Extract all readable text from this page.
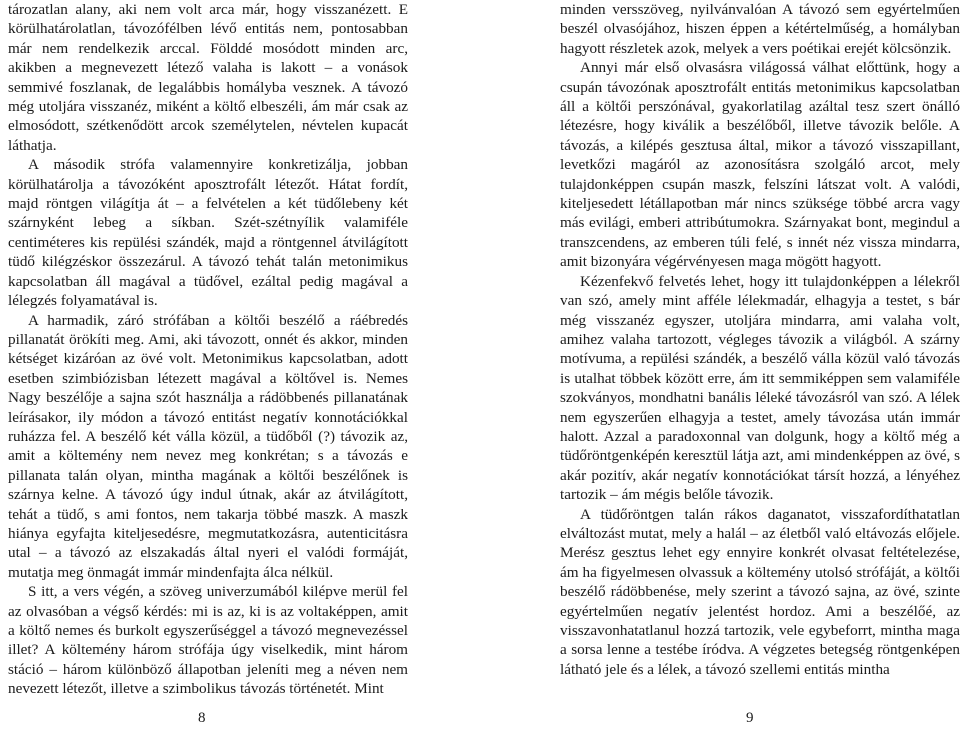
tározatlan alany, aki nem volt arca már, hogy visszanézett. E körülhatárolatlan, távozófélben lévő entitás nem, pontosabban már nem rendelkezik arccal. Földdé mosódott minden arc, akikben a megnevezett létező valaha is lakott – a vonások semmivé foszlanak, de legalábbis homályba vesznek. A távozó még utoljára visszanéz, miként a költő elbeszéli, ám már csak az elmosódott, szétkenődött arcok személytelen, névtelen kupacát láthatja.

A második strófa valamennyire konkretizálja, jobban körülhatárolja a távozóként aposztrofált létezőt. Hátat fordít, majd röntgen világítja át – a felvételen a két tüdőlebeny két szárnyként lebeg a síkban. Szét-szétnyílik valamiféle centiméteres kis repülési szándék, majd a röntgennel átvilágított tüdő kilégzéskor összezárul. A távozó tehát talán metonimikus kapcsolatban áll magával a tüdővel, ezáltal pedig magával a lélegzés folyamatával is.

A harmadik, záró strófában a költői beszélő a ráébredés pillanatát örökíti meg. Ami, aki távozott, onnét és akkor, minden kétséget kizáróan az övé volt. Metonimikus kapcsolatban, adott esetben szimbiózisban létezett magával a költővel is. Nemes Nagy beszélője a sajna szót használja a rádöbbenés pillanatának leírásakor, ily módon a távozó entitást negatív konnotációkkal ruházza fel. A beszélő két válla közül, a tüdőből (?) távozik az, amit a költemény nem nevez meg konkrétan; s a távozás e pillanata talán olyan, mintha magának a költői beszélőnek is szárnya kelne. A távozó úgy indul útnak, akár az átvilágított, tehát a tüdő, s ami fontos, nem takarja többé maszk. A maszk hiánya egyfajta kiteljesedésre, megmutatkozásra, autenticitásra utal – a távozó az elszakadás által nyeri el valódi formáját, mutatja meg önmagát immár mindenfajta álca nélkül.

S itt, a vers végén, a szöveg univerzumából kilépve merül fel az olvasóban a végső kérdés: mi is az, ki is az voltaképpen, amit a költő nemes és burkolt egyszerűséggel a távozó megnevezéssel illet? A költemény három strófája úgy viselkedik, mint három stáció – három különböző állapotban jeleníti meg a néven nem nevezett létezőt, illetve a szimbolikus távozás történetét. Mint

8

minden versszöveg, nyilvánvalóan A távozó sem egyértelműen beszél olvasójához, hiszen éppen a kétértelműség, a homályban hagyott részletek azok, melyek a vers poétikai erejét kölcsönzik.

Annyi már első olvasásra világossá válhat előttünk, hogy a csupán távozónak aposztrofált entitás metonimikus kapcsolatban áll a költői perszónával, gyakorlatilag azáltal tesz szert önálló létezésre, hogy kiválik a beszélőből, illetve távozik belőle. A távozás, a kilépés gesztusa által, mikor a távozó visszapillant, levetkőzi magáról az azonosításra szolgáló arcot, mely tulajdonképpen csupán maszk, felszíni látszat volt. A valódi, kiteljesedett létállapotban már nincs szüksége többé arcra vagy más evilági, emberi attribútumokra. Szárnyakat bont, megindul a transzcendens, az emberen túli felé, s innét néz vissza mindarra, amit bizonyára végérvényesen maga mögött hagyott.

Kézenfekvő felvetés lehet, hogy itt tulajdonképpen a lélekről van szó, amely mint afféle lélekmadár, elhagyja a testet, s bár még visszanéz egyszer, utoljára mindarra, ami valaha volt, amihez valaha tartozott, végleges távozik a világból. A szárny motívuma, a repülési szándék, a beszélő válla közül való távozás is utalhat többek között erre, ám itt semmiképpen sem valamiféle szokványos, mondhatni banális léleké távozásról van szó. A lélek nem egyszerűen elhagyja a testet, amely távozása után immár halott. Azzal a paradoxonnal van dolgunk, hogy a költő még a tüdőröntgenképén keresztül látja azt, ami mindenképpen az övé, s akár pozitív, akár negatív konnotációkat társít hozzá, a lényéhez tartozik – ám mégis belőle távozik.

A tüdőröntgen talán rákos daganatot, visszafordíthatatlan elváltozást mutat, mely a halál – az életből való eltávozás előjele. Merész gesztus lehet egy ennyire konkrét olvasat feltételezése, ám ha figyelmesen olvassuk a költemény utolsó strófáját, a költői beszélő rádöbbenése, mely szerint a távozó sajna, az övé, szinte egyértelműen negatív jelentést hordoz. Ami a beszélőé, az visszavonhatatlanul hozzá tartozik, vele egybeforrt, mintha maga a sorsa lenne a testébe íródva. A végzetes betegség röntgenképen látható jele és a lélek, a távozó szellemi entitás mintha

9
